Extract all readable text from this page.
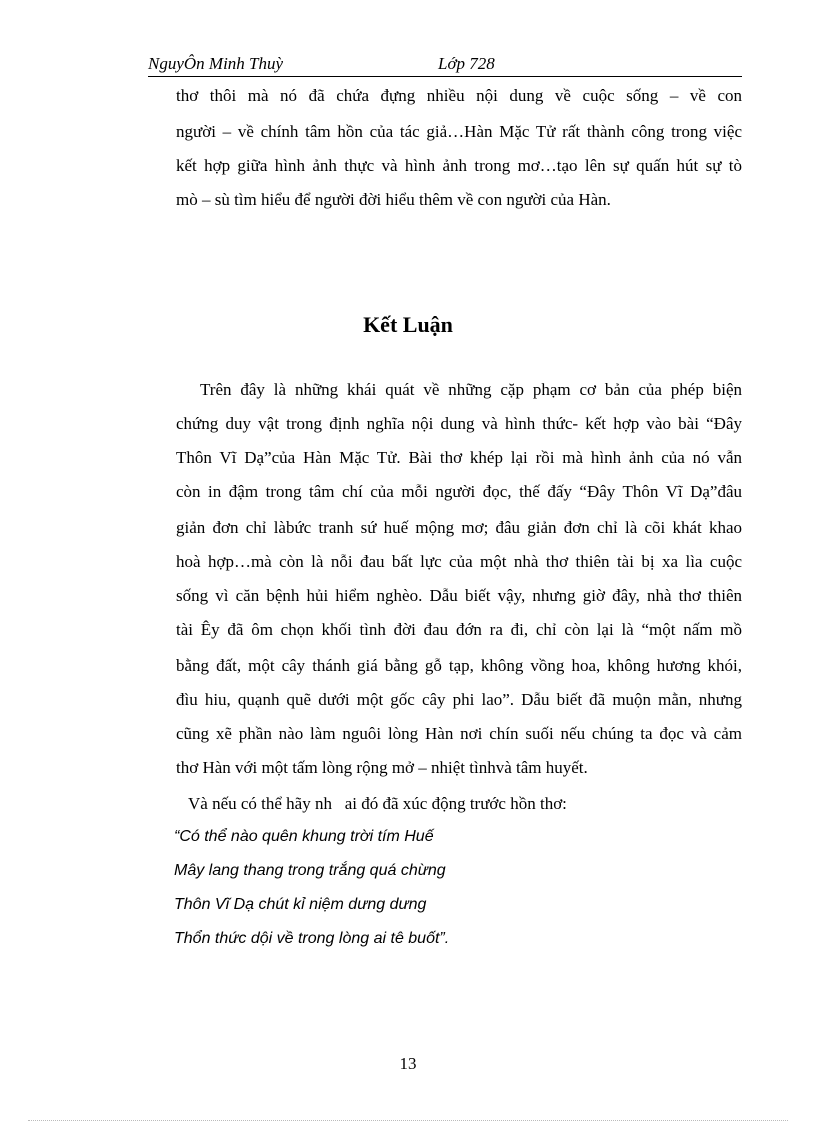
NguyÔn Minh Thuỳ	Lớp 728
thơ thôi mà nó đã chứa đựng nhiều nội dung về cuộc sống – về con
người – về chính tâm hồn của tác giả…Hàn Mặc Tử rất thành công trong việc
kết hợp giữa hình ảnh thực và hình ảnh trong mơ…tạo lên sự quấn hút sự tò
mò – sù tìm hiểu để người đời hiểu thêm về con người của Hàn.
Kết Luận
Trên đây là những khái quát về những cặp phạm cơ bản của phép biện
chứng duy vật trong định nghĩa nội dung và hình thức- kết hợp vào bài “Đây
Thôn Vĩ Dạ”của Hàn Mặc Tử. Bài thơ khép lại rồi mà hình ảnh của nó vẫn
còn in đậm trong tâm chí của mỗi người đọc, thế đấy “Đây Thôn Vĩ Dạ”đâu
giản đơn chỉ làbức tranh sứ huế mộng mơ; đâu giản đơn chỉ là cõi khát khao
hoà hợp…mà còn là nỗi đau bất lực của một nhà thơ thiên tài bị xa lìa cuộc
sống vì căn bệnh hủi hiểm nghèo. Dẫu biết vậy, nhưng giờ đây, nhà thơ thiên
tài Êy đã ôm chọn khối tình đời đau đớn ra đi, chỉ còn lại là “một nấm mồ
bằng đất, một cây thánh giá bằng gỗ tạp, không vồng hoa, không hương khói,
đìu hiu, quạnh quẽ dưới một gốc cây phi lao”. Dẫu biết đã muộn mằn, nhưng
cũng xẽ phần nào làm nguôi lòng Hàn nơi chín suối nếu chúng ta đọc và cảm
thơ Hàn với một tấm lòng rộng mở – nhiệt tìnhvà tâm huyết.
Và nếu có thể hãy nh   ai đó đã xúc động trước hồn thơ:
“Có thể nào quên khung trời tím Huế
Mây lang thang trong trắng quá chừng
Thôn Vĩ Dạ chút kỉ niệm dưng dưng
Thổn thức dội về trong lòng ai tê buốt”.
13
